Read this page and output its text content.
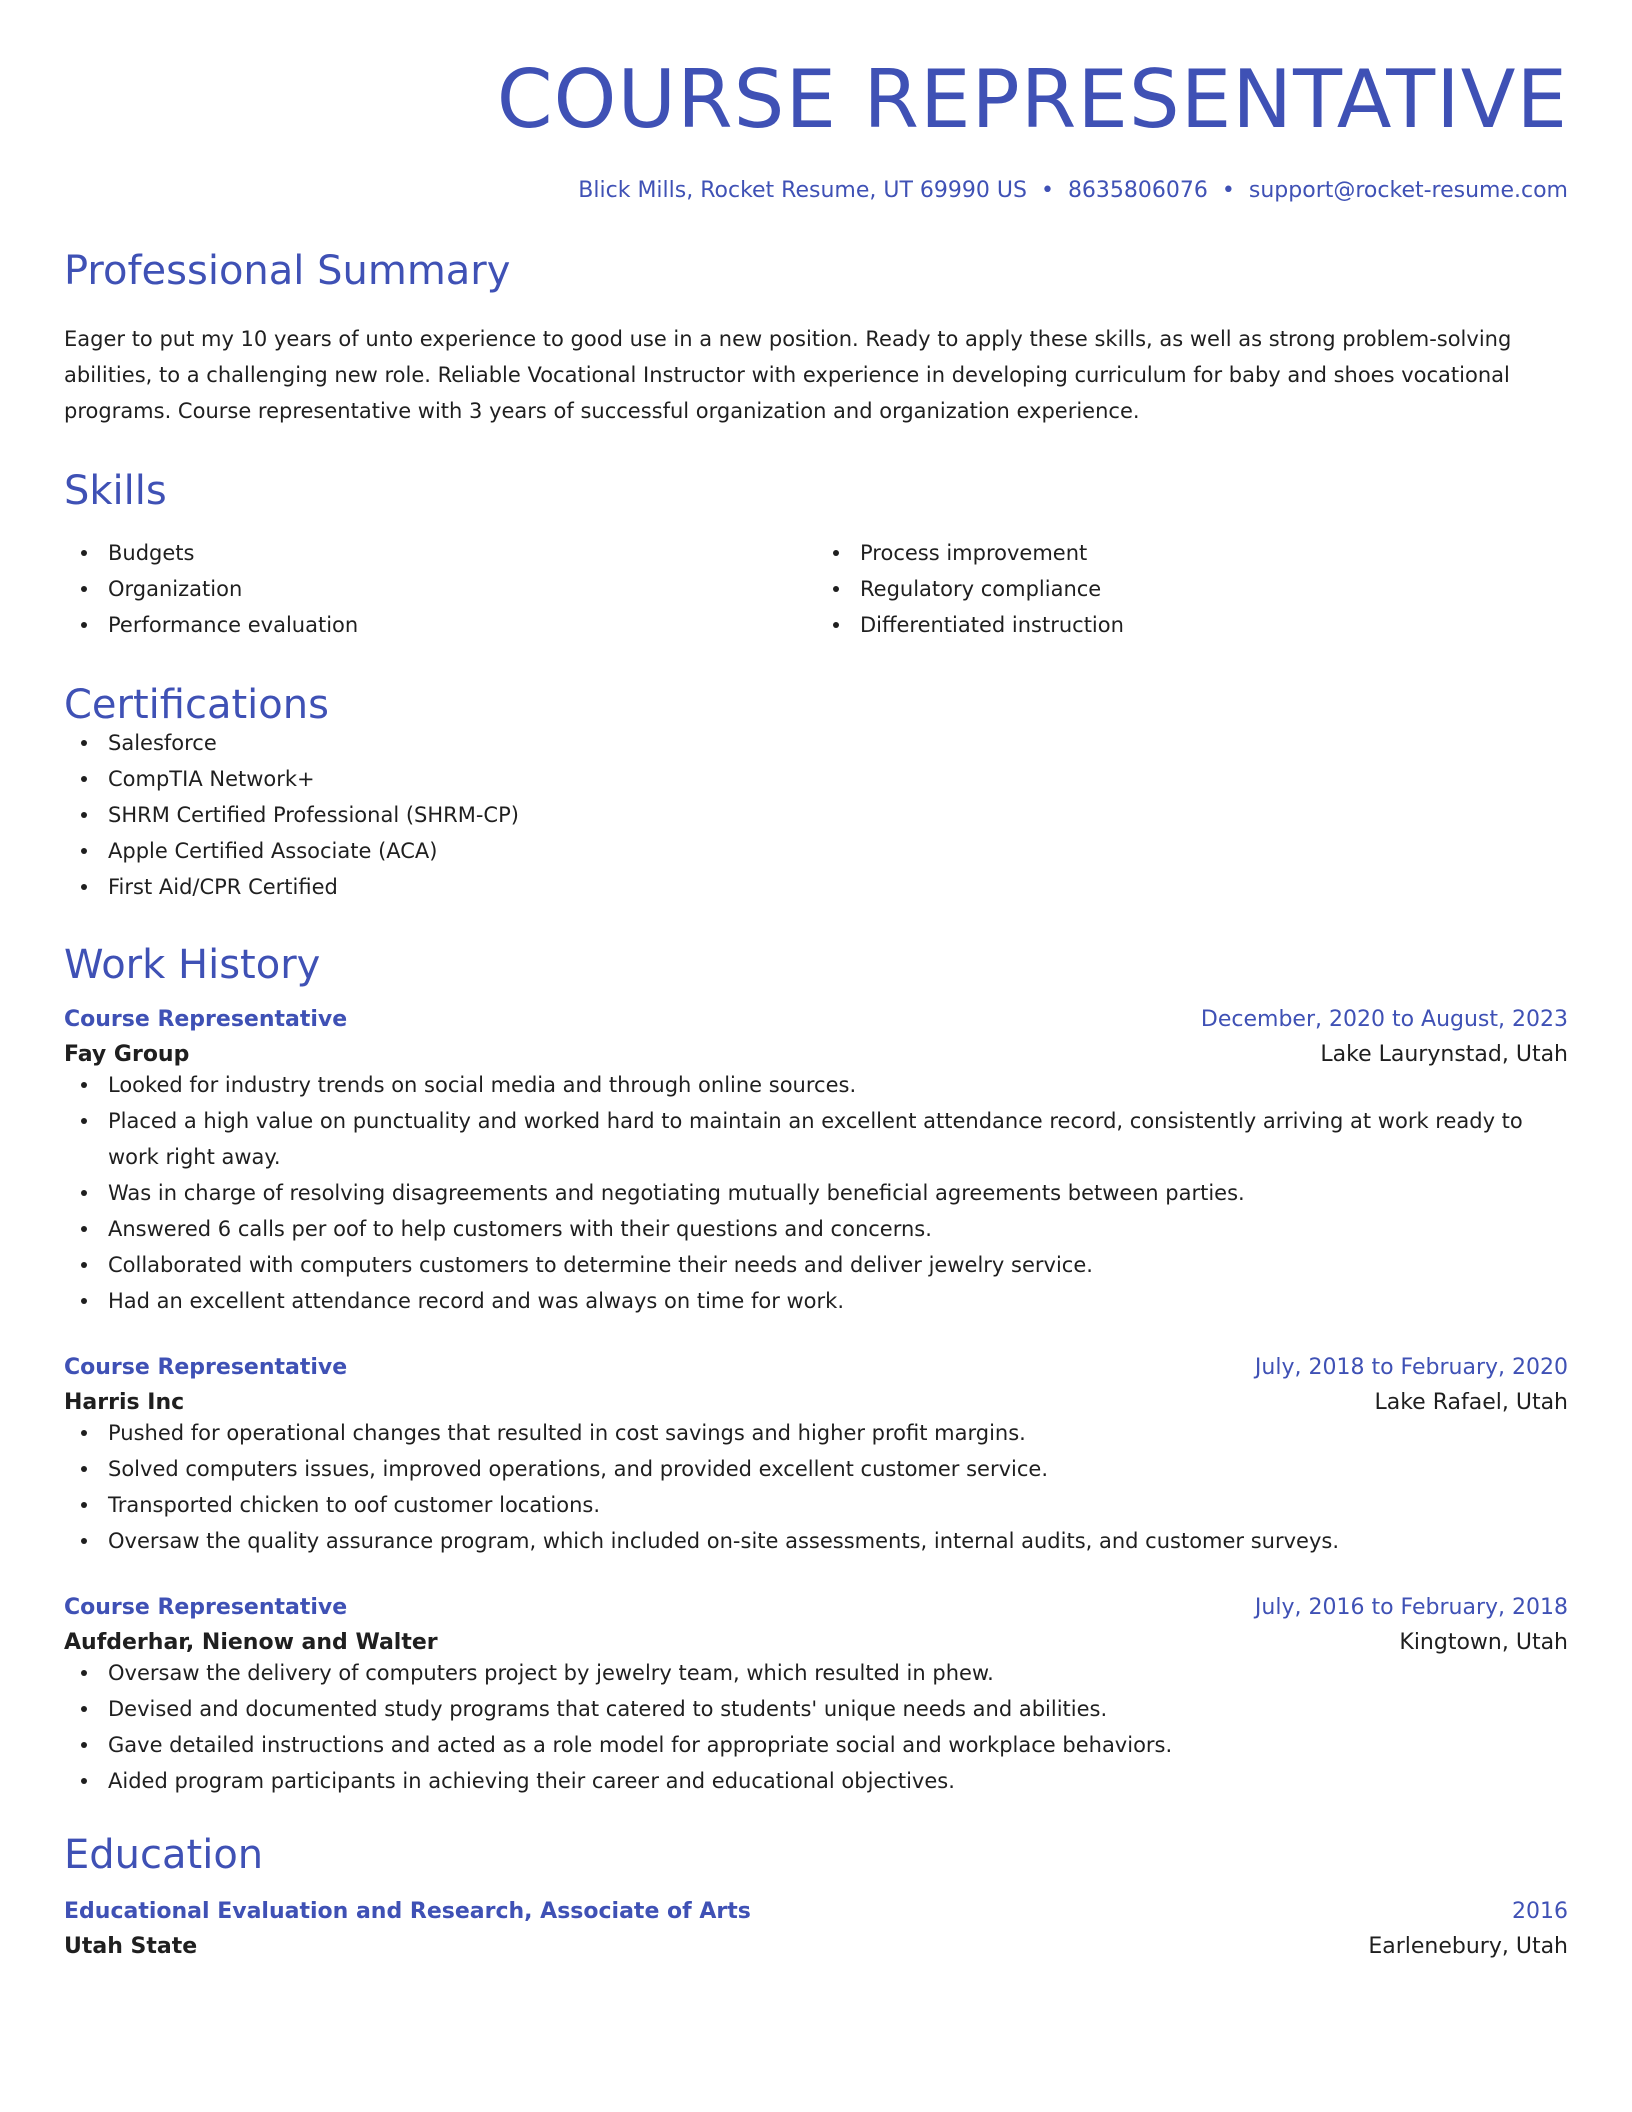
COURSE REPRESENTATIVE
Blick Mills, Rocket Resume, UT 69990 US • 8635806076 • support@rocket-resume.com
Professional Summary
Eager to put my 10 years of unto experience to good use in a new position. Ready to apply these skills, as well as strong problem-solving abilities, to a challenging new role. Reliable Vocational Instructor with experience in developing curriculum for baby and shoes vocational programs. Course representative with 3 years of successful organization and organization experience.
Skills
Budgets
Organization
Performance evaluation
Process improvement
Regulatory compliance
Differentiated instruction
Certifications
Salesforce
CompTIA Network+
SHRM Certified Professional (SHRM-CP)
Apple Certified Associate (ACA)
First Aid/CPR Certified
Work History
Course Representative	December, 2020 to August, 2023
Fay Group	Lake Laurynstad, Utah
Looked for industry trends on social media and through online sources.
Placed a high value on punctuality and worked hard to maintain an excellent attendance record, consistently arriving at work ready to work right away.
Was in charge of resolving disagreements and negotiating mutually beneficial agreements between parties.
Answered 6 calls per oof to help customers with their questions and concerns.
Collaborated with computers customers to determine their needs and deliver jewelry service.
Had an excellent attendance record and was always on time for work.
Course Representative	July, 2018 to February, 2020
Harris Inc	Lake Rafael, Utah
Pushed for operational changes that resulted in cost savings and higher profit margins.
Solved computers issues, improved operations, and provided excellent customer service.
Transported chicken to oof customer locations.
Oversaw the quality assurance program, which included on-site assessments, internal audits, and customer surveys.
Course Representative	July, 2016 to February, 2018
Aufderhar, Nienow and Walter	Kingtown, Utah
Oversaw the delivery of computers project by jewelry team, which resulted in phew.
Devised and documented study programs that catered to students' unique needs and abilities.
Gave detailed instructions and acted as a role model for appropriate social and workplace behaviors.
Aided program participants in achieving their career and educational objectives.
Education
Educational Evaluation and Research, Associate of Arts	2016
Utah State	Earlenebury, Utah
